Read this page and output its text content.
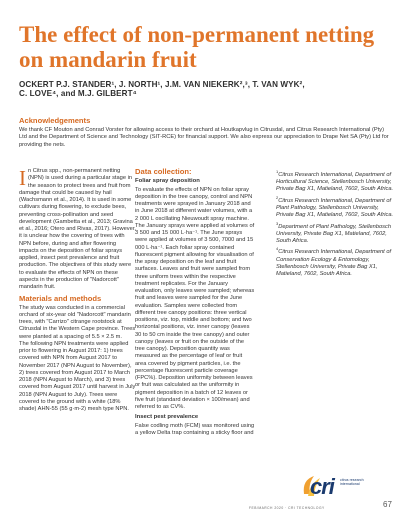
The effect of non-permanent netting on mandarin fruit
OCKERT P.J. STANDER¹, J. NORTH¹, J.M. VAN NIEKERK²,³, T. VAN WYK²,
C. LOVE⁴, and M.J. GILBERT⁴
Acknowledgements

We thank CF Mouton and Conrad Vorster for allowing access to their orchard at Houtkapvlug in Citrusdal, and Citrus Research International (Pty) Ltd and the Department of Science and Technology (SIT-RCE) for financial support. We also express our appreciation to Drape Net SA (Pty) Ltd for providing the nets.

In Citrus spp., non-permanent netting (NPN) is used during a particular stage in the season to protect trees and fruit from damage that could be caused by hail (Wachsmann et al., 2014). It is used in some cultivars during flowering, to exclude bees, preventing cross-pollination and seed development (Gambetta et al., 2013; Gravina et al., 2016; Otero and Rivas, 2017). However, it is unclear how the covering of trees with NPN before, during and after flowering impacts on the deposition of foliar sprays applied, insect pest prevalence and fruit production. The objectives of this study were to evaluate the effects of NPN on these aspects in the production of "Nadorcott" mandarin fruit.

Materials and methods

The study was conducted in a commercial orchard of six-year old "Nadorcott" mandarin trees, with "Carrizo" citrange rootstock at Citrusdal in the Western Cape province. Trees were planted at a spacing of 5.5 × 2.5 m.

The following NPN treatments were applied prior to flowering in August 2017: 1) trees covered with NPN from August 2017 to November 2017 (NPN August to November), 2) trees covered from August 2017 to March 2018 (NPN August to March), and 3) trees covered from August 2017 until harvest in July 2018 (NPN August to July). Trees were covered to the ground with a white (18% shade) AHN-55 (55 g·m-2) mesh type NPN.

Data collection:
Foliar spray deposition

To evaluate the effects of NPN on foliar spray deposition in the tree canopy, control and NPN treatments were sprayed in January 2018 and in June 2018 at different water volumes, with a 2 000 L oscillating Nieuwoudt spray machine. The January sprays were applied at volumes of 3 500 and 15 000 L·ha⁻¹. The June sprays were applied at volumes of 3 500, 7000 and 15 000 L·ha⁻¹. Each foliar spray contained fluorescent pigment allowing for visualisation of the spray deposition on the leaf and fruit surfaces. Leaves and fruit were sampled from three uniform trees within the respective treatment replicates. For the January evaluation, only leaves were sampled; whereas fruit and leaves were sampled for the June evaluation. Samples were collected from different tree canopy positions: three vertical positions, viz. top, middle and bottom; and two horizontal positions, viz. inner canopy (leaves 30 to 50 cm inside the tree canopy) and outer canopy (leaves or fruit on the outside of the tree canopy). Deposition quantity was measured as the percentage of leaf or fruit area covered by pigment particles, i.e. the percentage fluorescent particle coverage (FPC%). Deposition uniformity between leaves or fruit was calculated as the uniformity in pigment deposition in a batch of 12 leaves or five fruit (standard deviation × 100/mean) and referred to as CV%.

Insect pest prevalence

False codling moth (FCM) was monitored using a yellow Delta trap containing a sticky floor and

$^1$Citrus Research International, Department of Horticultural Science, Stellenbosch University, Private Bag X1, Matieland, 7602, South Africa.

$^2$Citrus Research International, Department of Plant Pathology, Stellenbosch University, Private Bag X1, Matieland, 7602, South Africa.

$^3$Department of Plant Pathology, Stellenbosch University, Private Bag X1, Matieland, 7602, South Africa.

$^4$Citrus Research International, Department of Conservation Ecology & Entomology, Stellenbosch University, Private Bag X1, Matieland, 7602, South Africa.

cri citrus research international
FEB/MARCH 2020 · CRI TECHNOLOGY	67
